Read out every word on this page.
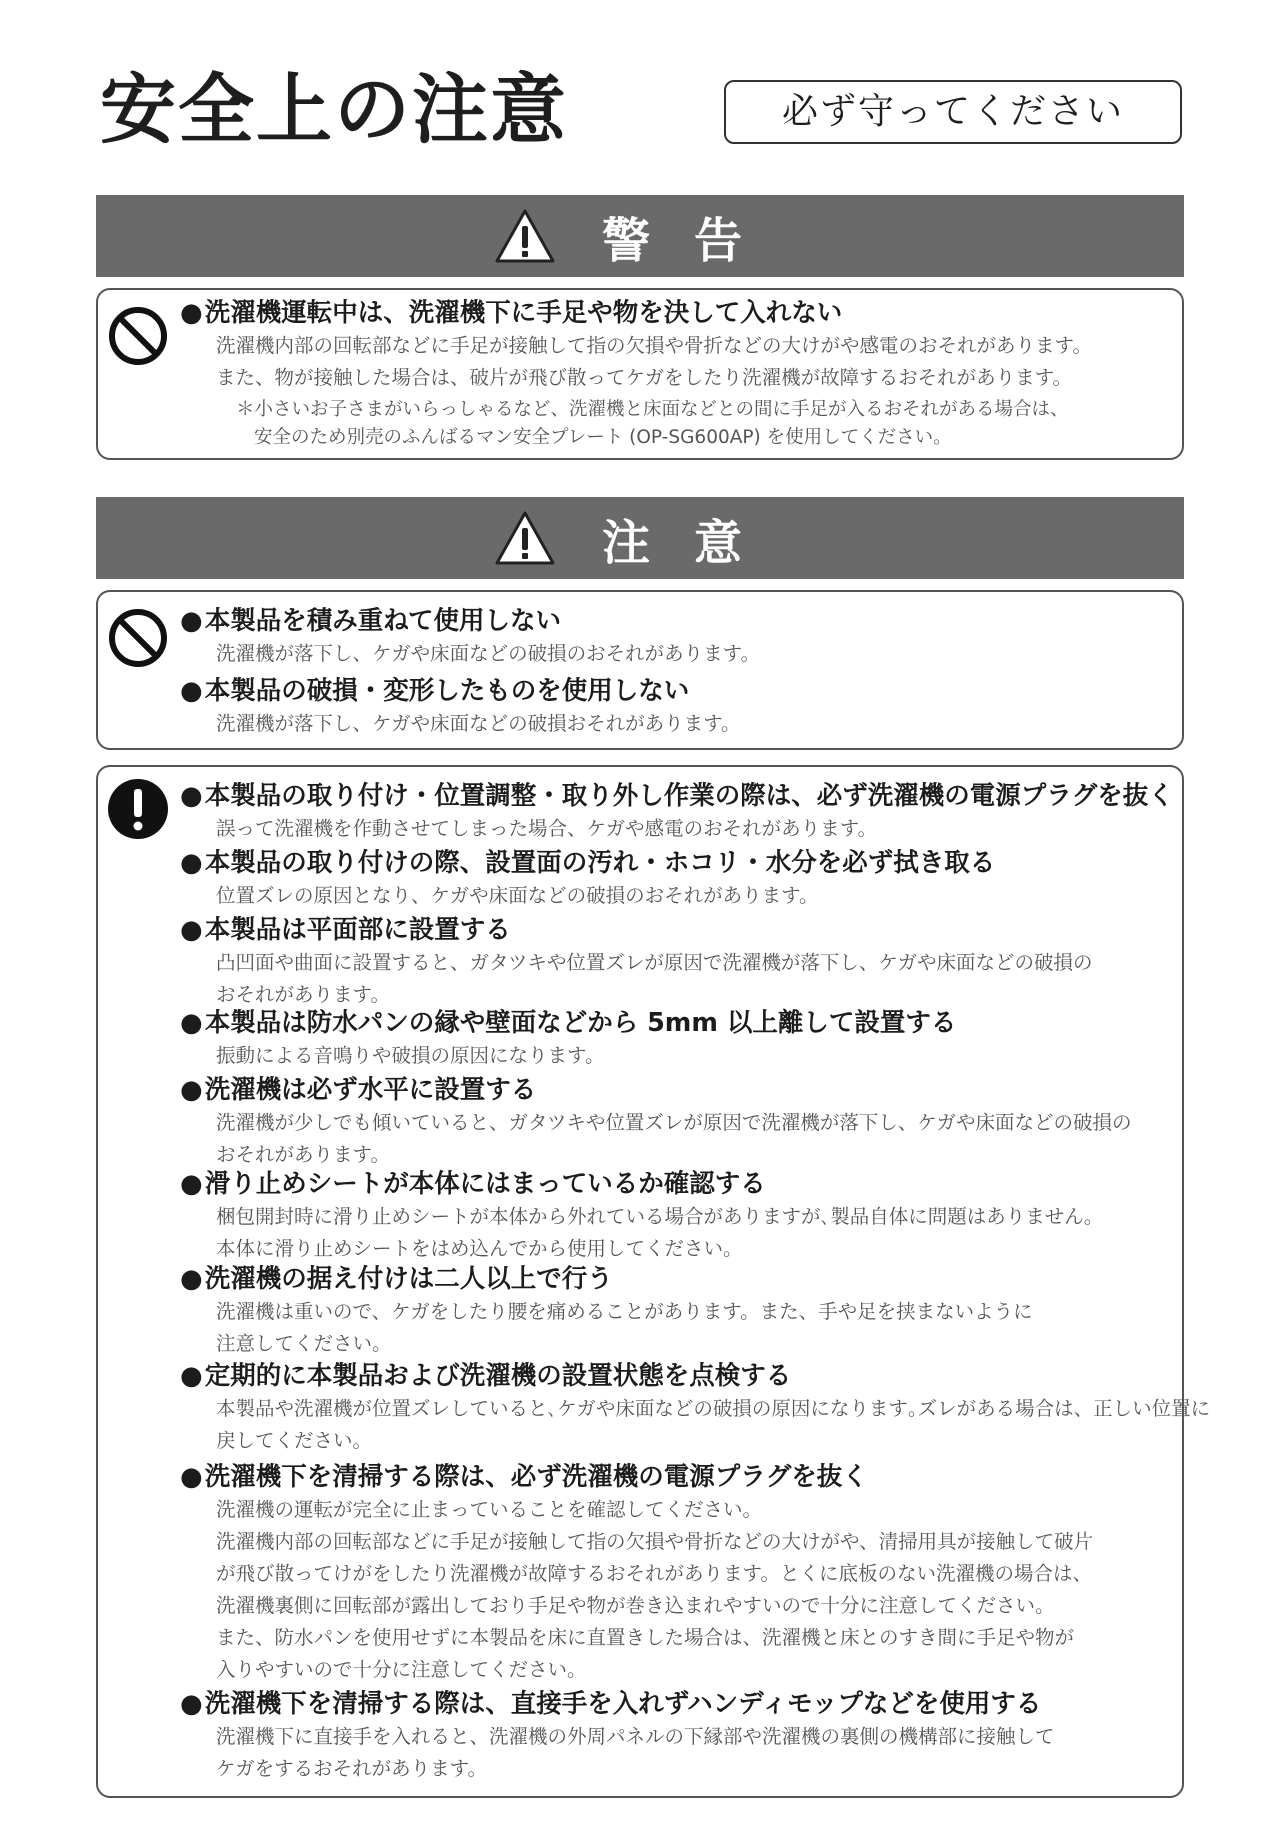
安全上の注意	必ず守ってください
警告
●洗濯機運転中は、洗濯機下に手足や物を決して入れない
洗濯機内部の回転部などに手足が接触して指の欠損や骨折などの大けがや感電のおそれがあります。
また、物が接触した場合は、破片が飛び散ってケガをしたり洗濯機が故障するおそれがあります。
＊小さいお子さまがいらっしゃるなど、洗濯機と床面などとの間に手足が入るおそれがある場合は、
安全のため別売のふんばるマン安全プレート (OP-SG600AP) を使用してください。
注意
●本製品を積み重ねて使用しない
洗濯機が落下し、ケガや床面などの破損のおそれがあります。
●本製品の破損・変形したものを使用しない
洗濯機が落下し、ケガや床面などの破損おそれがあります。
●本製品の取り付け・位置調整・取り外し作業の際は、必ず洗濯機の電源プラグを抜く
誤って洗濯機を作動させてしまった場合、ケガや感電のおそれがあります。
●本製品の取り付けの際、設置面の汚れ・ホコリ・水分を必ず拭き取る
位置ズレの原因となり、ケガや床面などの破損のおそれがあります。
●本製品は平面部に設置する
凸凹面や曲面に設置すると、ガタツキや位置ズレが原因で洗濯機が落下し、ケガや床面などの破損の
おそれがあります。
●本製品は防水パンの縁や壁面などから 5mm 以上離して設置する
振動による音鳴りや破損の原因になります。
●洗濯機は必ず水平に設置する
洗濯機が少しでも傾いていると、ガタツキや位置ズレが原因で洗濯機が落下し、ケガや床面などの破損の
おそれがあります。
●滑り止めシートが本体にはまっているか確認する
梱包開封時に滑り止めシートが本体から外れている場合がありますが､製品自体に問題はありません｡
本体に滑り止めシートをはめ込んでから使用してください。
●洗濯機の据え付けは二人以上で行う
洗濯機は重いので、ケガをしたり腰を痛めることがあります。また、手や足を挟まないように
注意してください。
●定期的に本製品および洗濯機の設置状態を点検する
本製品や洗濯機が位置ズレしていると､ケガや床面などの破損の原因になります｡ズレがある場合は、正しい位置に
戻してください。
●洗濯機下を清掃する際は、必ず洗濯機の電源プラグを抜く
洗濯機の運転が完全に止まっていることを確認してください。
洗濯機内部の回転部などに手足が接触して指の欠損や骨折などの大けがや、清掃用具が接触して破片
が飛び散ってけがをしたり洗濯機が故障するおそれがあります。とくに底板のない洗濯機の場合は、
洗濯機裏側に回転部が露出しており手足や物が巻き込まれやすいので十分に注意してください。
また、防水パンを使用せずに本製品を床に直置きした場合は、洗濯機と床とのすき間に手足や物が
入りやすいので十分に注意してください。
●洗濯機下を清掃する際は、直接手を入れずハンディモップなどを使用する
洗濯機下に直接手を入れると、洗濯機の外周パネルの下縁部や洗濯機の裏側の機構部に接触して
ケガをするおそれがあります。
